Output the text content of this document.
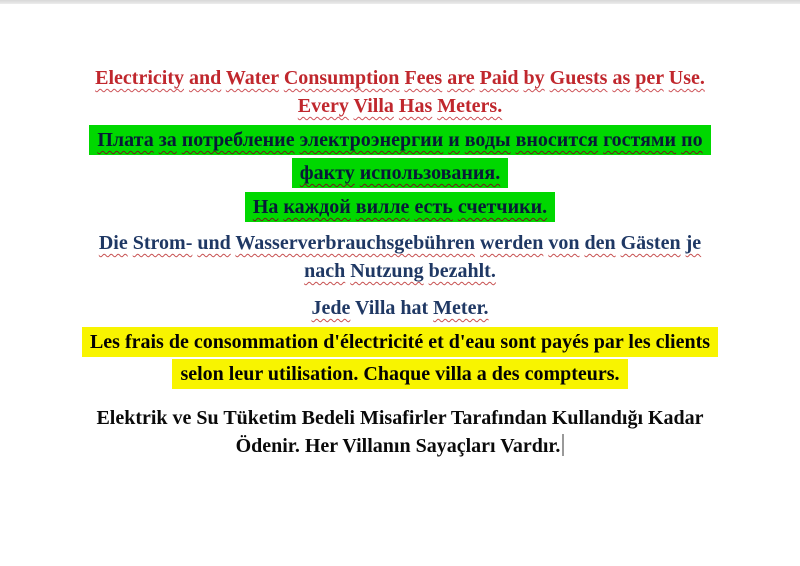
Electricity and Water Consumption Fees are Paid by Guests as per Use.
Every Villa Has Meters.
Плата за потребление электроэнергии и воды вносится гостями по
факту использования.
На каждой вилле есть счетчики.
Die Strom- und Wasserverbrauchsgebühren werden von den Gästen je
nach Nutzung bezahlt.
Jede Villa hat Meter.
Les frais de consommation d'électricité et d'eau sont payés par les clients
selon leur utilisation. Chaque villa a des compteurs.
Elektrik ve Su Tüketim Bedeli Misafirler Tarafından Kullandığı Kadar
Ödenir. Her Villanın Sayaçları Vardır.
